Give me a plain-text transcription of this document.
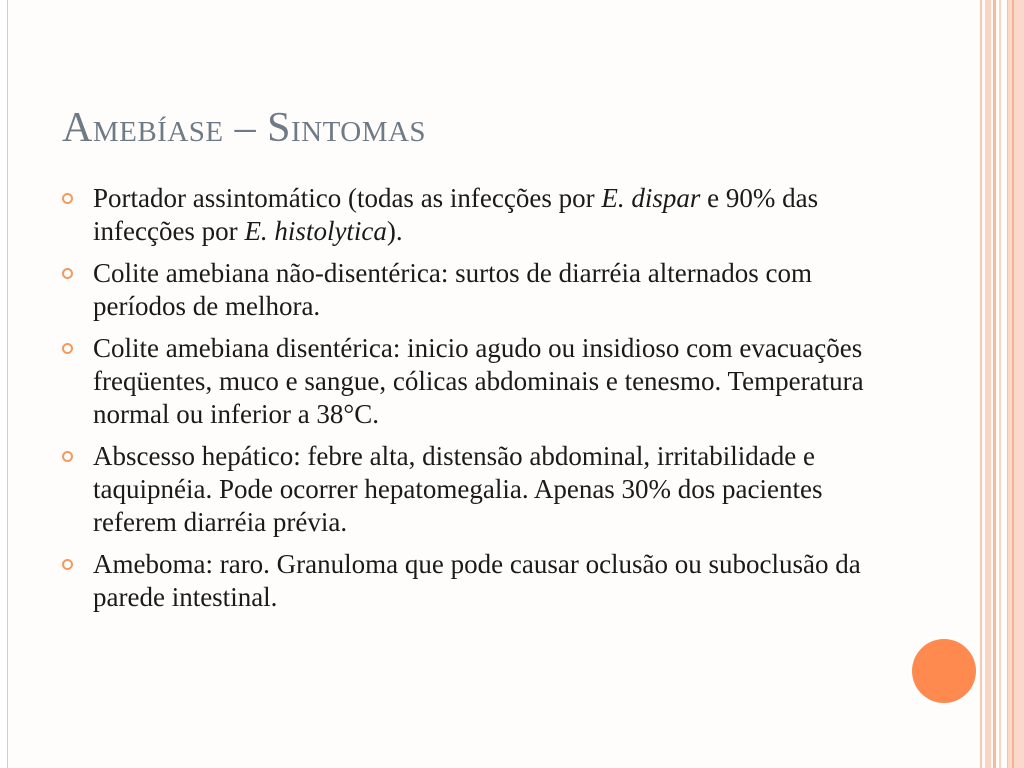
Amebíase – Sintomas
Portador assintomático (todas as infecções por E. dispar e 90% das infecções por E. histolytica).
Colite amebiana não-disentérica: surtos de diarréia alternados com períodos de melhora.
Colite amebiana disentérica: inicio agudo ou insidioso com evacuações freqüentes, muco e sangue, cólicas abdominais e tenesmo. Temperatura normal ou inferior a 38°C.
Abscesso hepático: febre alta, distensão abdominal, irritabilidade e taquipnéia. Pode ocorrer hepatomegalia. Apenas 30% dos pacientes referem diarréia prévia.
Ameboma: raro. Granuloma que pode causar oclusão ou suboclusão da parede intestinal.
